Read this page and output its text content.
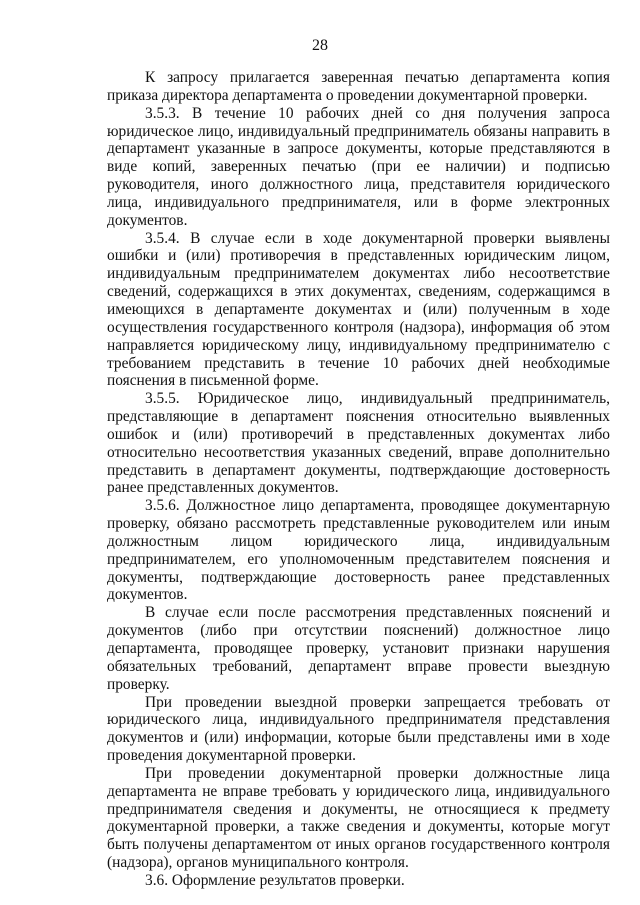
28

К запросу прилагается заверенная печатью департамента копия приказа директора департамента о проведении документарной проверки.

3.5.3. В течение 10 рабочих дней со дня получения запроса юридическое лицо, индивидуальный предприниматель обязаны направить в департамент указанные в запросе документы, которые представляются в виде копий, заверенных печатью (при ее наличии) и подписью руководителя, иного должностного лица, представителя юридического лица, индивидуального предпринимателя, или в форме электронных документов.

3.5.4. В случае если в ходе документарной проверки выявлены ошибки и (или) противоречия в представленных юридическим лицом, индивидуальным предпринимателем документах либо несоответствие сведений, содержащихся в этих документах, сведениям, содержащимся в имеющихся в департаменте документах и (или) полученным в ходе осуществления государственного контроля (надзора), информация об этом направляется юридическому лицу, индивидуальному предпринимателю с требованием представить в течение 10 рабочих дней необходимые пояснения в письменной форме.

3.5.5. Юридическое лицо, индивидуальный предприниматель, представляющие в департамент пояснения относительно выявленных ошибок и (или) противоречий в представленных документах либо относительно несоответствия указанных сведений, вправе дополнительно представить в департамент документы, подтверждающие достоверность ранее представленных документов.

3.5.6. Должностное лицо департамента, проводящее документарную проверку, обязано рассмотреть представленные руководителем или иным должностным лицом юридического лица, индивидуальным предпринимателем, его уполномоченным представителем пояснения и документы, подтверждающие достоверность ранее представленных документов.

В случае если после рассмотрения представленных пояснений и документов (либо при отсутствии пояснений) должностное лицо департамента, проводящее проверку, установит признаки нарушения обязательных требований, департамент вправе провести выездную проверку.

При проведении выездной проверки запрещается требовать от юридического лица, индивидуального предпринимателя представления документов и (или) информации, которые были представлены ими в ходе проведения документарной проверки.

При проведении документарной проверки должностные лица департамента не вправе требовать у юридического лица, индивидуального предпринимателя сведения и документы, не относящиеся к предмету документарной проверки, а также сведения и документы, которые могут быть получены департаментом от иных органов государственного контроля (надзора), органов муниципального контроля.

3.6. Оформление результатов проверки.
